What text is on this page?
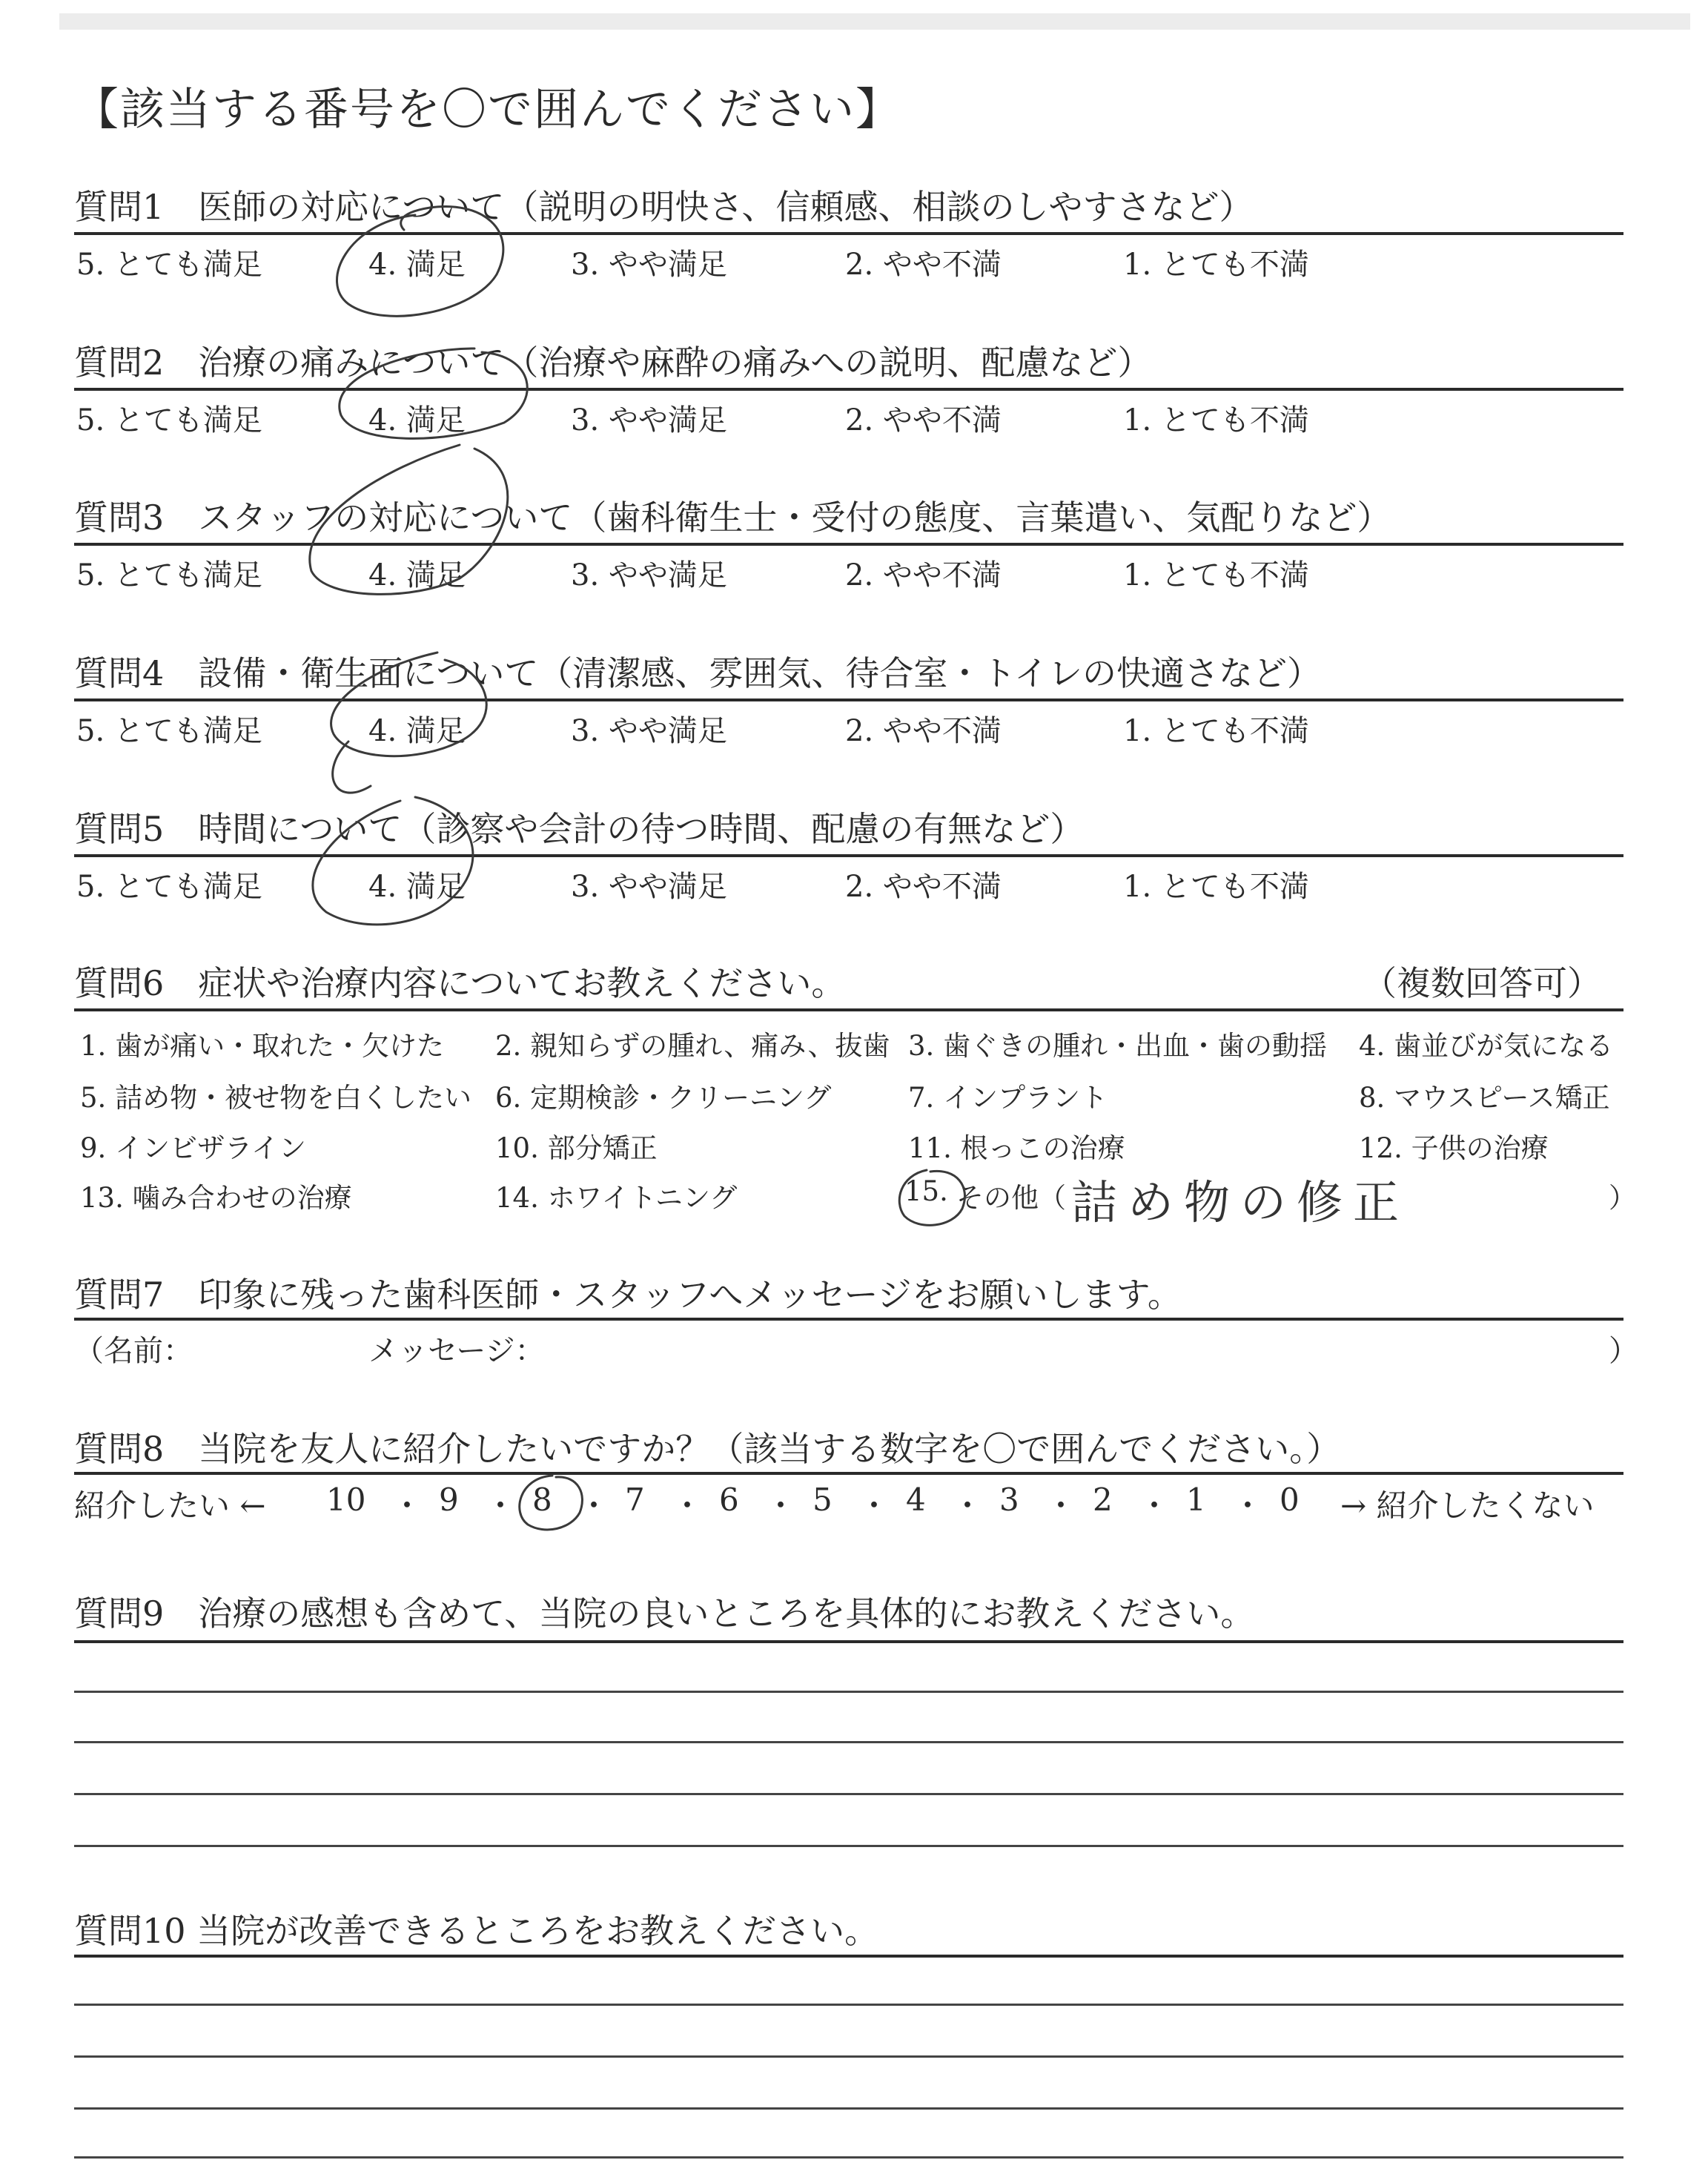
【該当する番号を〇で囲んでください】
質問1　医師の対応について（説明の明快さ、信頼感、相談のしやすさなど）
5. とても満足	4. 満足	3. やや満足	2. やや不満	1. とても不満
質問2　治療の痛みについて（治療や麻酔の痛みへの説明、配慮など）
5. とても満足	4. 満足	3. やや満足	2. やや不満	1. とても不満
質問3　スタッフの対応について（歯科衛生士・受付の態度、言葉遣い、気配りなど）
5. とても満足	4. 満足	3. やや満足	2. やや不満	1. とても不満
質問4　設備・衛生面について（清潔感、雰囲気、待合室・トイレの快適さなど）
5. とても満足	4. 満足	3. やや満足	2. やや不満	1. とても不満
質問5　時間について（診察や会計の待つ時間、配慮の有無など）
5. とても満足	4. 満足	3. やや満足	2. やや不満	1. とても不満
質問6　症状や治療内容についてお教えください。	（複数回答可）
1. 歯が痛い・取れた・欠けた 2. 親知らずの腫れ、痛み、抜歯 3. 歯ぐきの腫れ・出血・歯の動揺 4. 歯並びが気になる
5. 詰め物・被せ物を白くしたい 6. 定期検診・クリーニング	7. インプラント	8. マウスピース矯正
9. インビザライン	10. 部分矯正	11. 根っこの治療	12. 子供の治療
13. 噛み合わせの治療	14. ホワイトニング	15. その他（ 詰め物の修正	）
質問7　印象に残った歯科医師・スタッフへメッセージをお願いします。
（名前：	メッセージ：	）
質問8　当院を友人に紹介したいですか？（該当する数字を〇で囲んでください。）
紹介したい ← 10 ・ 9 ・ 8 ・ 7 ・ 6 ・ 5 ・ 4 ・ 3 ・ 2 ・ 1 ・ 0 → 紹介したくない
質問9　治療の感想も含めて、当院の良いところを具体的にお教えください。
質問10 当院が改善できるところをお教えください。
